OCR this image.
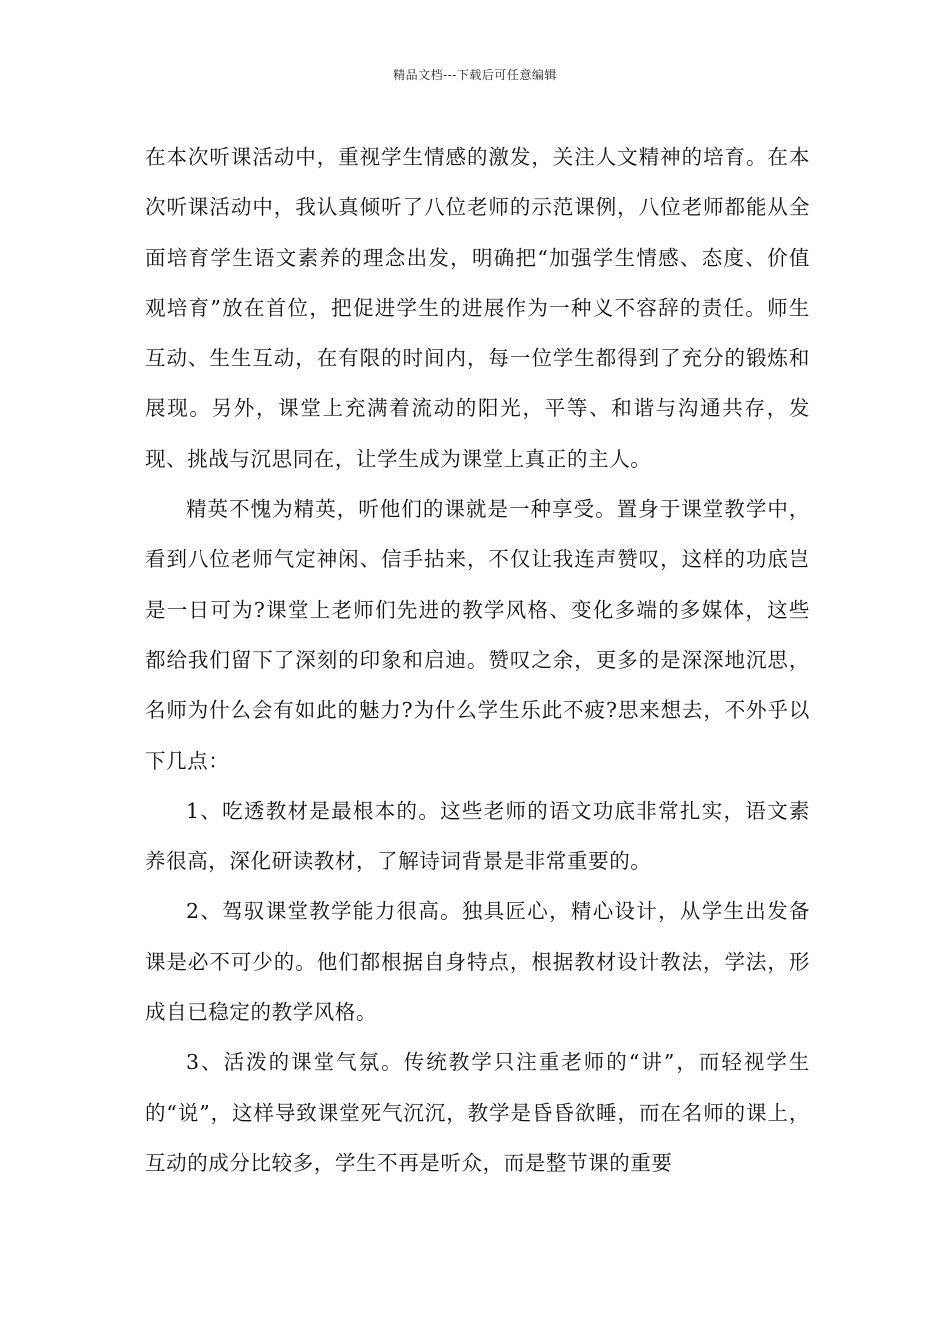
精品文档---下载后可任意编辑

在本次听课活动中，重视学生情感的激发，关注人文精神的培育。在本次听课活动中，我认真倾听了八位老师的示范课例，八位老师都能从全面培育学生语文素养的理念出发，明确把“加强学生情感、态度、价值观培育”放在首位，把促进学生的进展作为一种义不容辞的责任。师生互动、生生互动，在有限的时间内，每一位学生都得到了充分的锻炼和展现。另外，课堂上充满着流动的阳光，平等、和谐与沟通共存，发现、挑战与沉思同在，让学生成为课堂上真正的主人。

精英不愧为精英，听他们的课就是一种享受。置身于课堂教学中，看到八位老师气定神闲、信手拈来，不仅让我连声赞叹，这样的功底岂是一日可为?课堂上老师们先进的教学风格、变化多端的多媒体，这些都给我们留下了深刻的印象和启迪。赞叹之余，更多的是深深地沉思，名师为什么会有如此的魅力?为什么学生乐此不疲?思来想去，不外乎以下几点：

1、吃透教材是最根本的。这些老师的语文功底非常扎实，语文素养很高，深化研读教材，了解诗词背景是非常重要的。

2、驾驭课堂教学能力很高。独具匠心，精心设计，从学生出发备课是必不可少的。他们都根据自身特点，根据教材设计教法，学法，形成自已稳定的教学风格。

3、活泼的课堂气氛。传统教学只注重老师的“讲”，而轻视学生的“说”，这样导致课堂死气沉沉，教学是昏昏欲睡，而在名师的课上，互动的成分比较多，学生不再是听众，而是整节课的重要
